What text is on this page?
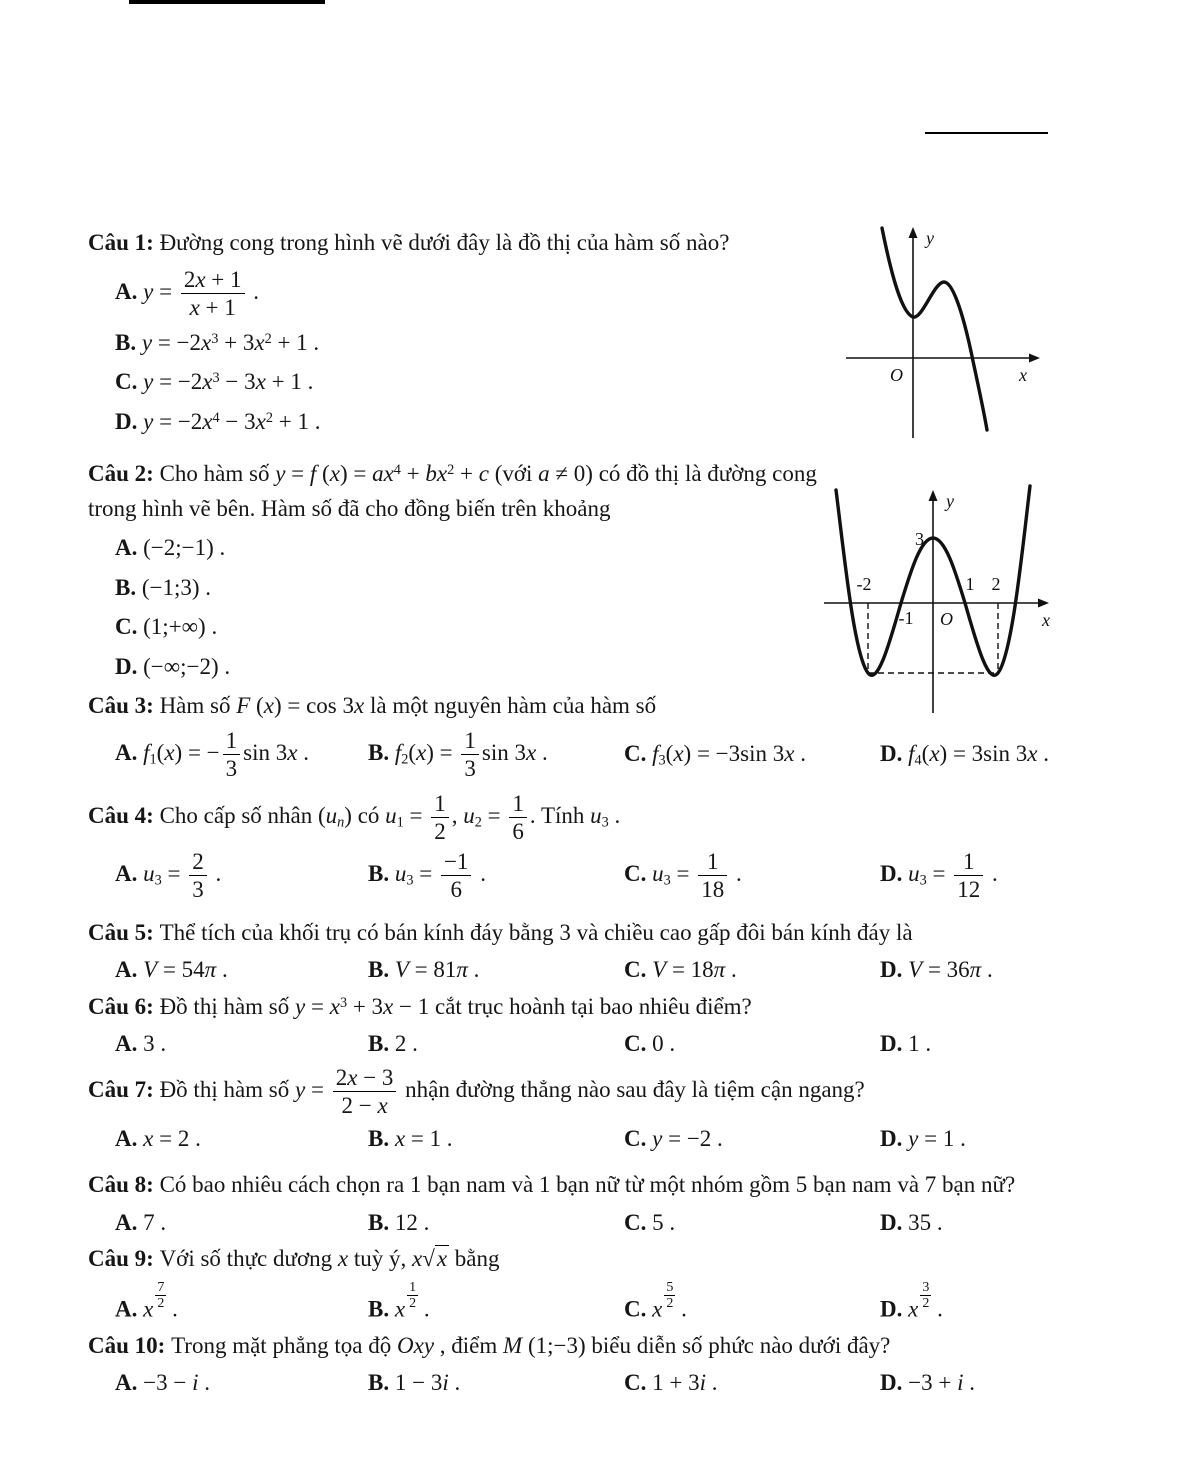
Câu 1: Đường cong trong hình vẽ dưới đây là đồ thị của hàm số nào?

A. $y = \frac{2x + 1}{x + 1}$ .
B. $y = -2x^3 + 3x^2 + 1$ .
C. $y = -2x^3 - 3x + 1$ .
D. $y = -2x^4 - 3x^2 + 1$ .

Câu 2: Cho hàm số y = f $(x) = ax^4 + bx^2 + c$ (với a ≠ 0) có đồ thị là đường cong trong hình vẽ bên. Hàm số đã cho đồng biến trên khoảng

A. (−2;−1) .
B. (−1;3) .
C. (1;+∞) .
D. (−∞;−2) .

Câu 3: Hàm số F (x) = cos 3x là một nguyên hàm của hàm số

A. $f_1(x)$ = − $\frac{1}{3}$ sin 3x .	B. $f_2(x) = \frac{1}{3}$ sin 3x .	C. $f_3(x) = -3\sin$ 3x .	D. $f_4(x) = 3\sin$ 3x .

Câu 4: Cho cấp số nhân $(u_n)$ có $u_1 = \frac{1}{2}$ , $u_2 = \frac{1}{6}$ . Tính $u_3$ .

A. $u_3 = \frac{2}{3}$ .	B. $u_3 = \frac{-1}{6}$ .	C. $u_3 = \frac{1}{18}$ .	D. $u_3 = \frac{1}{12}$ .

Câu 5: Thể tích của khối trụ có bán kính đáy bằng 3 và chiều cao gấp đôi bán kính đáy là

A. V = 54π .	B. V = 81π .	C. V = 18π .	D. V = 36π .

Câu 6: Đồ thị hàm số $y = x^3 + 3x - 1$ cắt trục hoành tại bao nhiêu điểm?

A. 3 .	B. 2 .	C. 0 .	D. 1 .

Câu 7: Đồ thị hàm số $y = \frac{2x - 3}{2 - x}$ nhận đường thẳng nào sau đây là tiệm cận ngang?

A. x = 2 .	B. x = 1 .	C. y = −2 .	D. y = 1 .

Câu 8: Có bao nhiêu cách chọn ra 1 bạn nam và 1 bạn nữ từ một nhóm gồm 5 bạn nam và 7 bạn nữ?

A. 7 .	B. 12 .	C. 5 .	D. 35 .

Câu 9: Với số thực dương x tuỳ ý, x√x bằng

A. x $\frac{7}{2}$ .	B. x $\frac{1}{2}$ .	C. x $\frac{5}{2}$ .	D. x $\frac{3}{2}$ .

Câu 10: Trong mặt phẳng tọa độ Oxy , điểm M (1;−3) biểu diễn số phức nào dưới đây?

A. −3 − i .	B. 1 − 3i .	C. 1 + 3i .	D. −3 + i .
y
x
O
y
x
O
3
-2
-1
1 2
